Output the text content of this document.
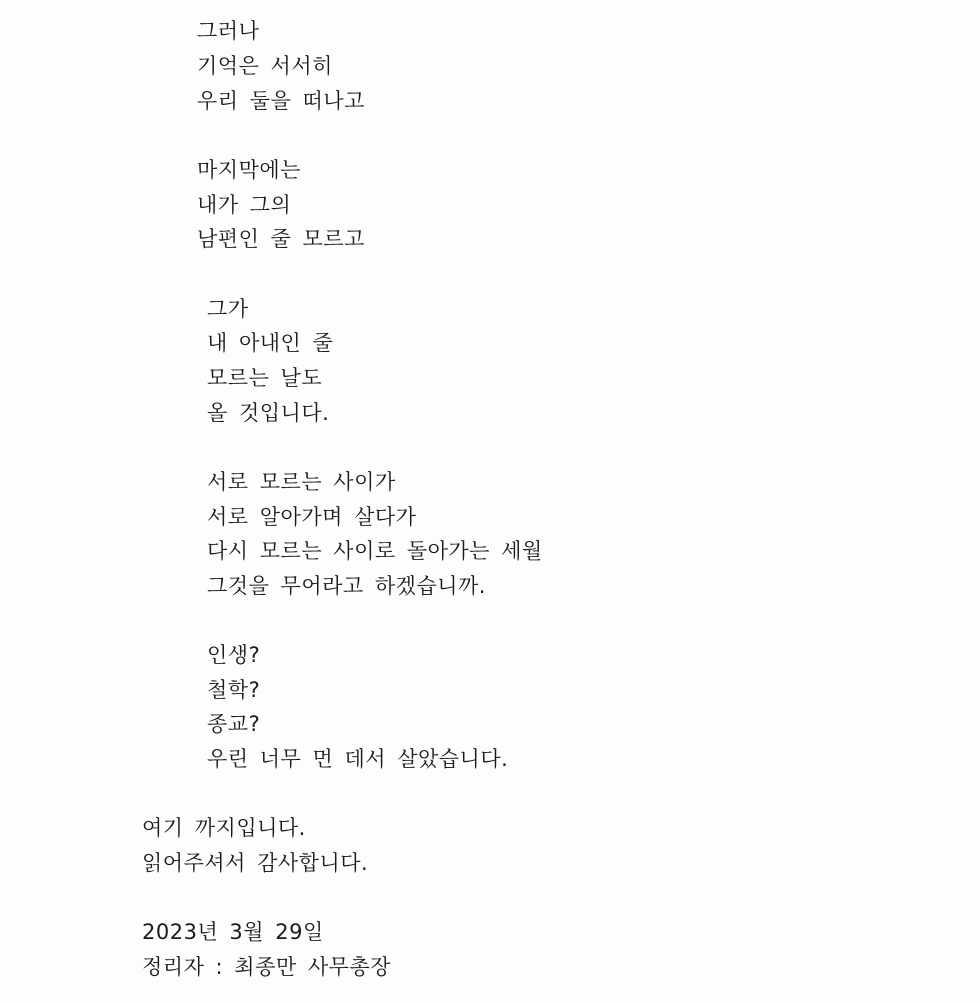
그러나
기억은 서서히
우리 둘을 떠나고
마지막에는
내가 그의
남편인 줄 모르고
그가
내 아내인 줄
모르는 날도
올 것입니다.
서로 모르는 사이가
서로 알아가며 살다가
다시 모르는 사이로 돌아가는 세월
그것을 무어라고 하겠습니까.
인생?
철학?
종교?
우린 너무 먼 데서 살았습니다.
여기 까지입니다.
읽어주셔서 감사합니다.
2023년 3월 29일
정리자 : 최종만 사무총장
